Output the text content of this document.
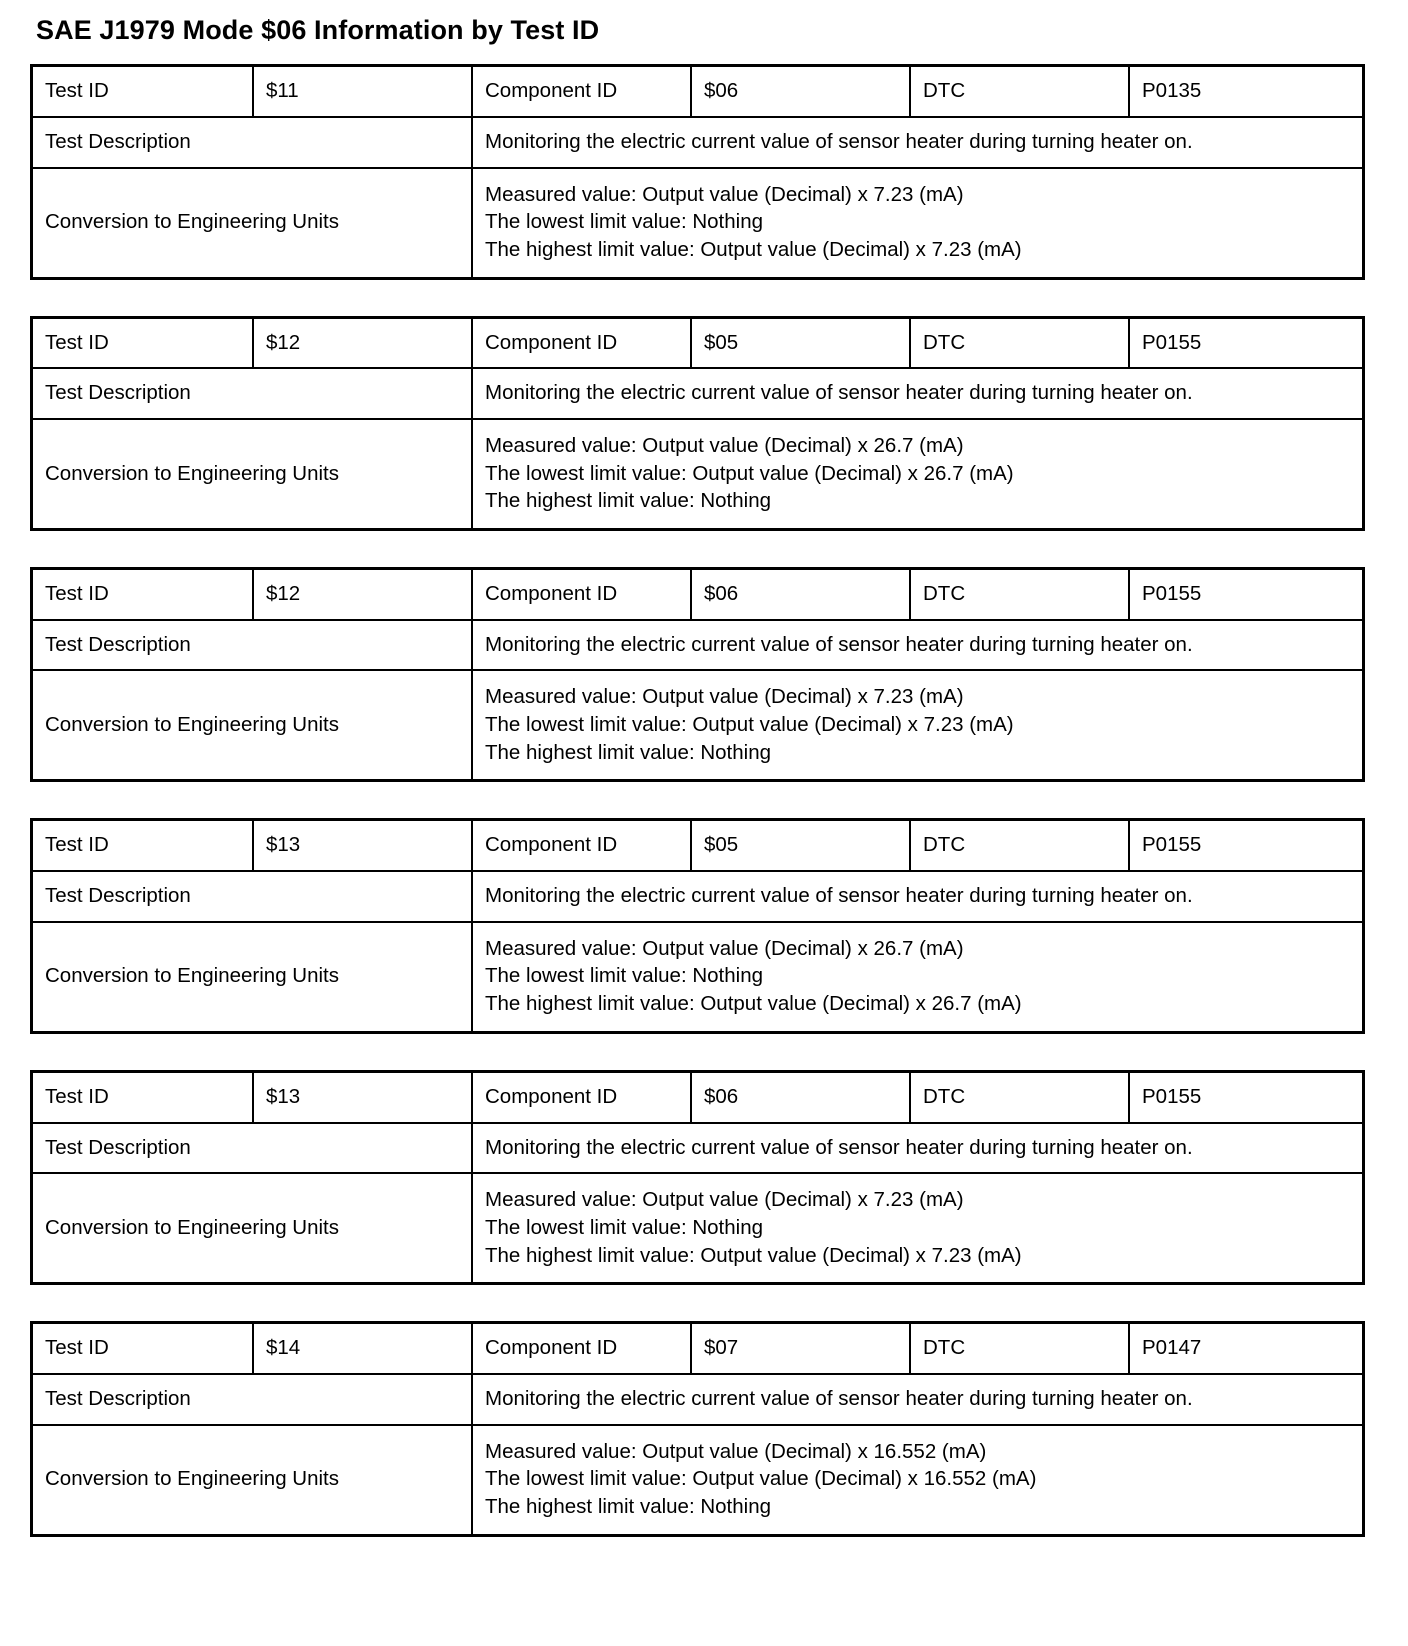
SAE J1979 Mode $06 Information by Test ID
Test ID	$11	Component ID	$06	DTC	P0135
Test Description	Monitoring the electric current value of sensor heater during turning heater on.
Conversion to Engineering Units
Measured value: Output value (Decimal) x 7.23 (mA)
The lowest limit value: Nothing
The highest limit value: Output value (Decimal) x 7.23 (mA)
Test ID	$12	Component ID	$05	DTC	P0155
Test Description	Monitoring the electric current value of sensor heater during turning heater on.
Conversion to Engineering Units
Measured value: Output value (Decimal) x 26.7 (mA)
The lowest limit value: Output value (Decimal) x 26.7 (mA)
The highest limit value: Nothing
Test ID	$12	Component ID	$06	DTC	P0155
Test Description	Monitoring the electric current value of sensor heater during turning heater on.
Conversion to Engineering Units
Measured value: Output value (Decimal) x 7.23 (mA)
The lowest limit value: Output value (Decimal) x 7.23 (mA)
The highest limit value: Nothing
Test ID	$13	Component ID	$05	DTC	P0155
Test Description	Monitoring the electric current value of sensor heater during turning heater on.
Conversion to Engineering Units
Measured value: Output value (Decimal) x 26.7 (mA)
The lowest limit value: Nothing
The highest limit value: Output value (Decimal) x 26.7 (mA)
Test ID	$13	Component ID	$06	DTC	P0155
Test Description	Monitoring the electric current value of sensor heater during turning heater on.
Conversion to Engineering Units
Measured value: Output value (Decimal) x 7.23 (mA)
The lowest limit value: Nothing
The highest limit value: Output value (Decimal) x 7.23 (mA)
Test ID	$14	Component ID	$07	DTC	P0147
Test Description	Monitoring the electric current value of sensor heater during turning heater on.
Conversion to Engineering Units
Measured value: Output value (Decimal) x 16.552 (mA)
The lowest limit value: Output value (Decimal) x 16.552 (mA)
The highest limit value: Nothing
